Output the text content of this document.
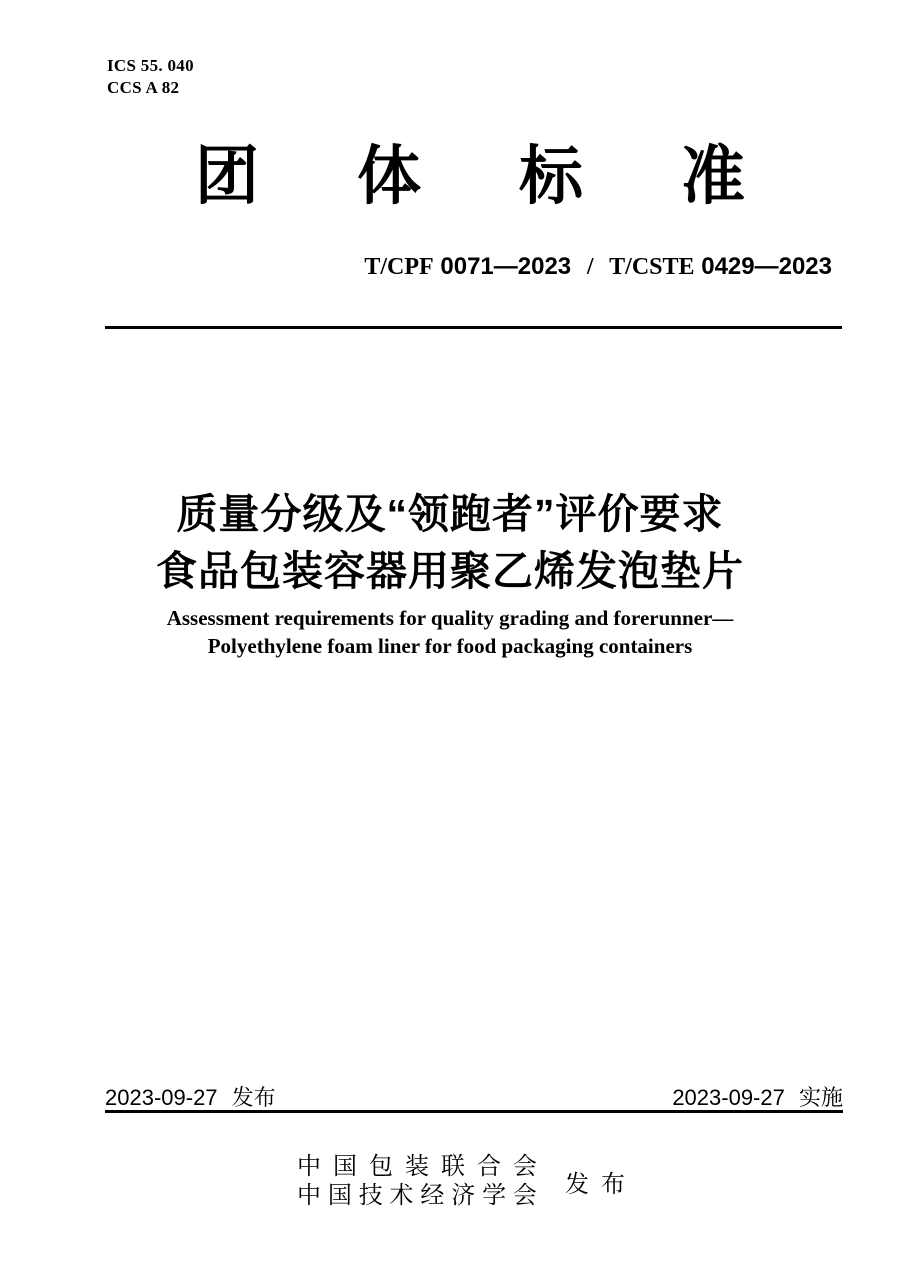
ICS 55. 040
CCS A 82
团 体 标 准
T/CPF 0071—2023 / T/CSTE 0429—2023
质量分级及“领跑者”评价要求
食品包装容器用聚乙烯发泡垫片
Assessment requirements for quality grading and forerunner—
Polyethylene foam liner for food packaging containers
2023-09-27 发布	2023-09-27 实施
中 国 包 装 联 合 会
中 国 技 术 经 济 学 会 发 布
